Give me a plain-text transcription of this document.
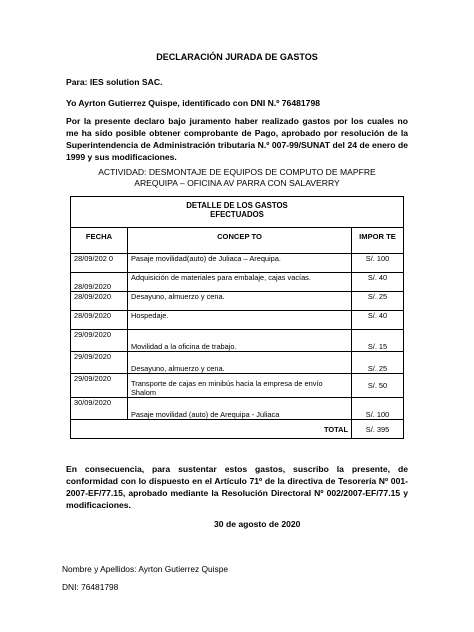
DECLARACIÓN JURADA DE GASTOS
Para: IES solution SAC.
Yo Ayrton Gutierrez Quispe, identificado con DNI N.º 76481798
Por la presente declaro bajo juramento haber realizado gastos por los cuales no me ha sido posible obtener comprobante de Pago, aprobado por resolución de la Superintendencia de Administración tributaria N.º 007-99/SUNAT del 24 de enero de 1999 y sus modificaciones.
ACTIVIDAD: DESMONTAJE DE EQUIPOS DE COMPUTO DE MAPFRE
AREQUIPA – OFICINA AV PARRA CON SALAVERRY
DETALLE DE LOS GASTOS
EFECTUADOS		

FECHA	CONCEP TO	IMPOR TE
28/09/202 0	Pasaje movilidad(auto) de Juliaca – Arequipa.	S/. 100
28/09/2020	Adquisición de materiales para embalaje, cajas vacías.	S/. 40
28/09/2020	Desayuno, almuerzo y cena.	S/. 25
28/09/2020	Hospedaje.	S/. 40
29/09/2020	Movilidad a la oficina de trabajo.	S/. 15
29/09/2020	Desayuno, almuerzo y cena.	S/. 25
29/09/2020	Transporte de cajas en minibús hacia la empresa de envío Shalom	S/. 50
30/09/2020	Pasaje movilidad (auto) de Arequipa - Juliaca	S/. 100
TOTAL		S/. 395
En consecuencia, para sustentar estos gastos, suscribo la presente, de conformidad con lo dispuesto en el Artículo 71º de la directiva de Tesorería Nº 001-2007-EF/77.15, aprobado mediante la Resolución Directoral Nº 002/2007-EF/77.15 y modificaciones.
30 de agosto de 2020
Nombre y Apellidos: Ayrton Gutierrez Quispe
DNI: 76481798
